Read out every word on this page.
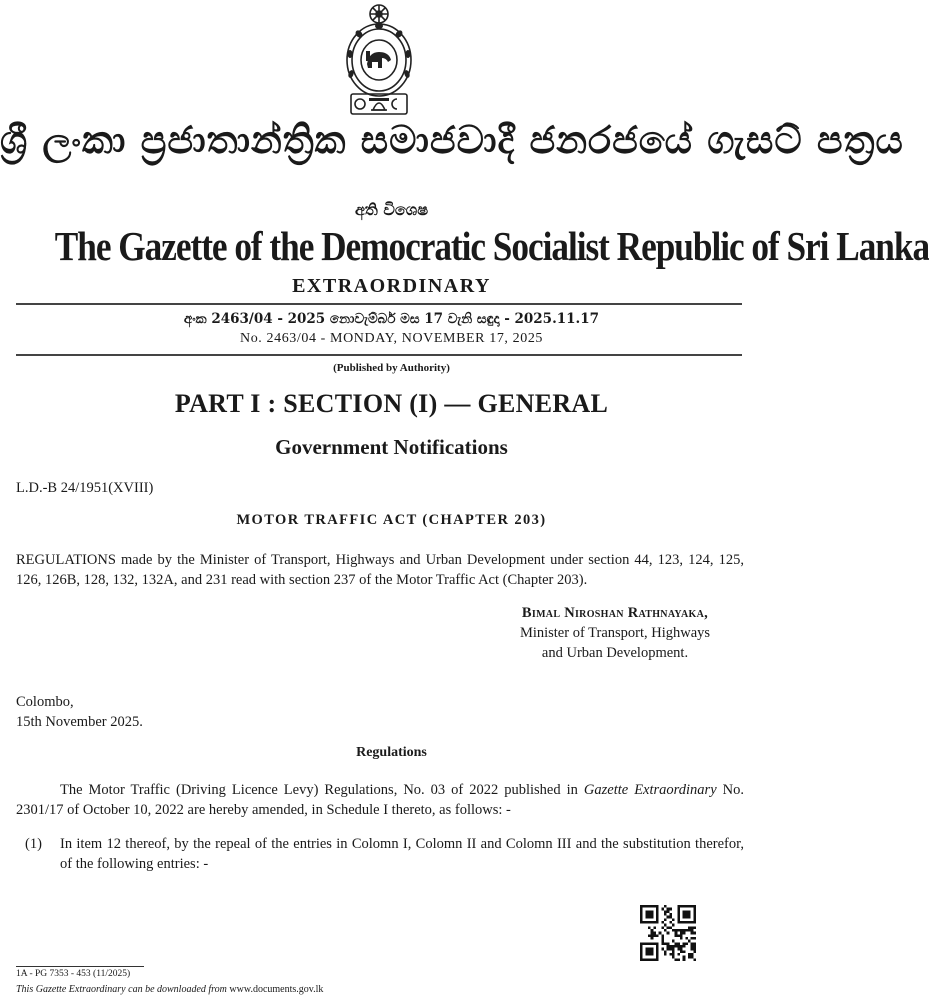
ශ්‍රී ලංකා ප්‍රජාතාන්ත්‍රික සමාජවාදී ජනරජයේ ගැසට් පත්‍රය
අති විශෙෂ
The Gazette of the Democratic Socialist Republic of Sri Lanka
EXTRAORDINARY
අංක 2463/04 - 2025 නොවැම්බර් මස 17 වැනි සඳුදා - 2025.11.17
No. 2463/04 - MONDAY, NOVEMBER 17, 2025
(Published by Authority)
PART I : SECTION (I) — GENERAL
Government Notifications
L.D.-B 24/1951(XVIII)
MOTOR TRAFFIC ACT (CHAPTER 203)
REGULATIONS made by the Minister of Transport, Highways and Urban Development under section 44, 123, 124, 125, 126, 126B, 128, 132, 132A, and 231 read with section 237 of the Motor Traffic Act (Chapter 203).
Bimal Niroshan Rathnayaka,
Minister of Transport, Highways
and Urban Development.
Colombo,
15th November 2025.
Regulations
The Motor Traffic (Driving Licence Levy) Regulations, No. 03 of 2022 published in Gazette Extraordinary No. 2301/17 of October 10, 2022 are hereby amended, in Schedule I thereto, as follows: -
(1) In item 12 thereof, by the repeal of the entries in Colomn I, Colomn II and Colomn III and the substitution therefor, of the following entries: -
1A - PG 7353 - 453 (11/2025)
This Gazette Extraordinary can be downloaded from www.documents.gov.lk
